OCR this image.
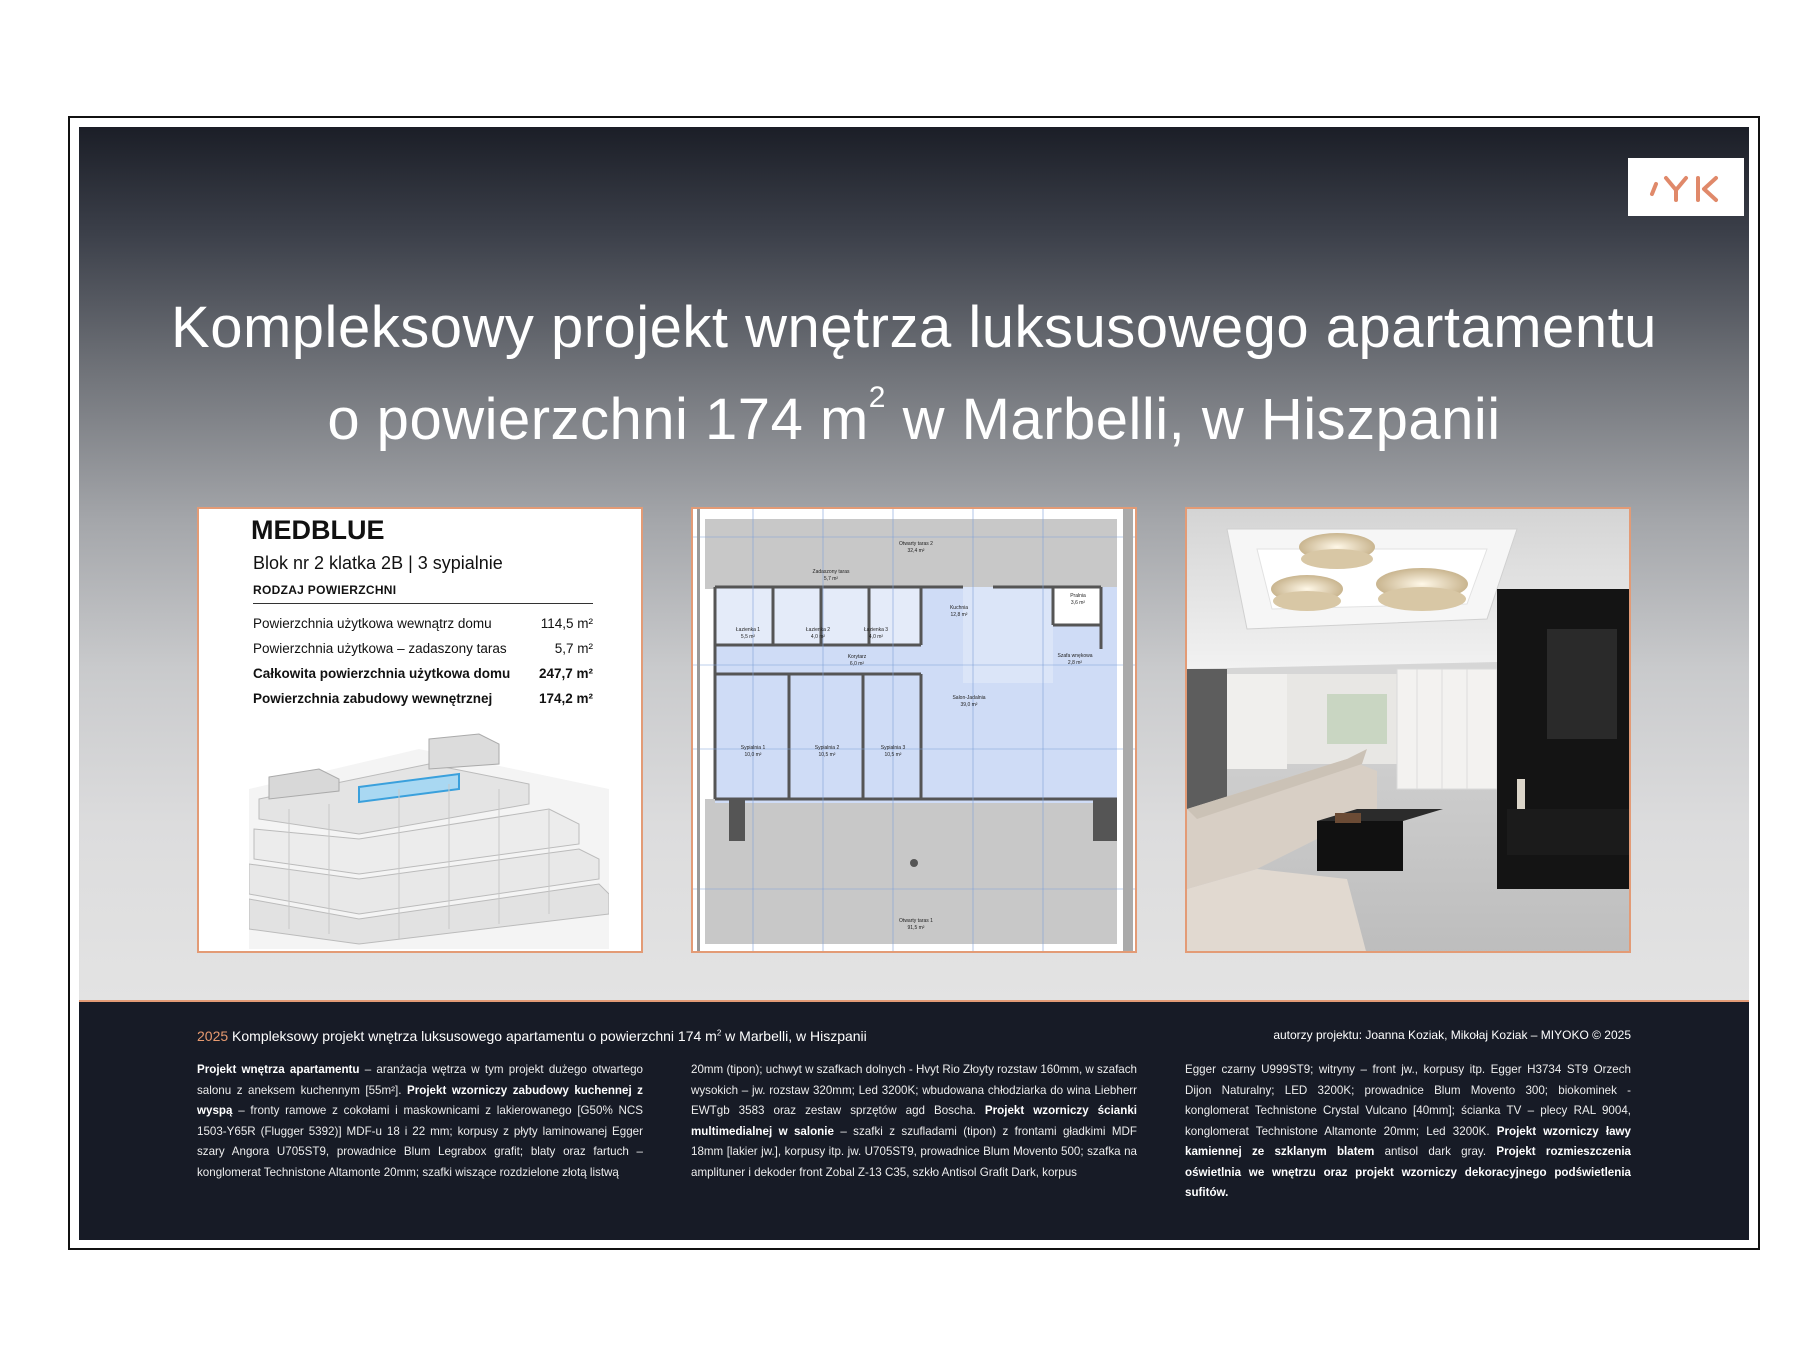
Kompleksowy projekt wnętrza luksusowego apartamentu
o powierzchni 174 $m^2$ w Marbelli, w Hiszpanii
MEDBLUE
Blok nr 2 klatka 2B | 3 sypialnie
RODZAJ POWIERZCHNI
Powierzchnia użytkowa wewnątrz domu	114,5 m²
Powierzchnia użytkowa – zadaszony taras	5,7 m²
Całkowita powierzchnia użytkowa domu 247,7 m²
Powierzchnia zabudowy wewnętrznej	174,2 m²
Otwarty taras 2
32,4 m²
Zadaszony taras
5,7 m²
Łazienka 1
5,5 m²
Łazienka 2
4,0 m²
Łazienka 3
4,0 m²
Kuchnia
12,8 m²
Pralnia
3,6 m²
Szafa wnękowa
2,8 m²
Korytarz
6,0 m²
Salon-Jadalnia
39,0 m²
Sypialnia 1
10,0 m²
Sypialnia 2
10,5 m²
Sypialnia 3
10,5 m²
Otwarty taras 1
91,5 m²
2025 Kompleksowy projekt wnętrza luksusowego apartamentu o powierzchni 174 $m^2$ w Marbelli, w Hiszpanii	autorzy projektu: Joanna Koziak, Mikołaj Koziak – MIYOKO © 2025
Projekt wnętrza apartamentu – aranżacja wętrza w tym projekt dużego otwartego salonu z aneksem kuchennym [55m²]. Projekt wzorniczy zabudowy kuchennej z wyspą – fronty ramowe z cokołami i maskownicami z lakierowanego [G50% NCS 1503-Y65R (Flugger 5392)] MDF-u 18 i 22 mm; korpusy z płyty laminowanej Egger szary Angora U705ST9, prowadnice Blum Legrabox grafit; blaty oraz fartuch – konglomerat Technistone Altamonte 20mm; szafki wiszące rozdzielone złotą listwą
20mm (tipon); uchwyt w szafkach dolnych - Hvyt Rio Złoyty rozstaw 160mm, w szafach wysokich – jw. rozstaw 320mm; Led 3200K; wbudowana chłodziarka do wina Liebherr EWTgb 3583 oraz zestaw sprzętów agd Boscha. Projekt wzorniczy ścianki multimedialnej w salonie – szafki z szufladami (tipon) z frontami gładkimi MDF 18mm [lakier jw.], korpusy itp. jw. U705ST9, prowadnice Blum Movento 500; szafka na amplituner i dekoder front Zobal Z-13 C35, szkło Antisol Grafit Dark, korpus
Egger czarny U999ST9; witryny – front jw., korpusy itp. Egger H3734 ST9 Orzech Dijon Naturalny; LED 3200K; prowadnice Blum Movento 300; biokominek - konglomerat Technistone Crystal Vulcano [40mm]; ścianka TV – plecy RAL 9004, konglomerat Technistone Altamonte 20mm; Led 3200K. Projekt wzorniczy ławy kamiennej ze szklanym blatem antisol dark gray. Projekt rozmieszczenia oświetlnia we wnętrzu oraz projekt wzorniczy dekoracyjnego podświetlenia sufitów.
